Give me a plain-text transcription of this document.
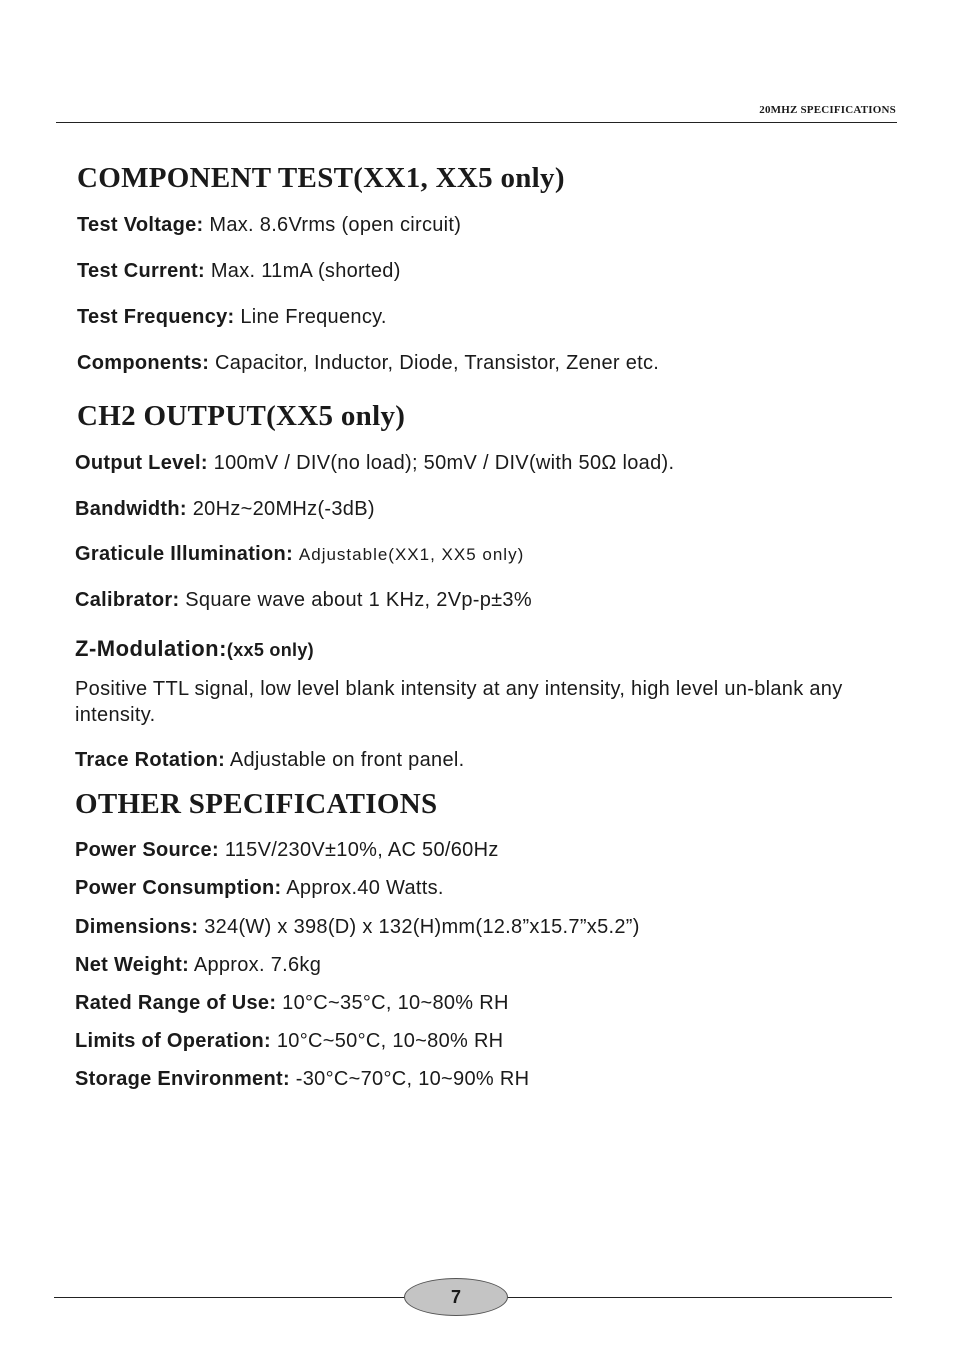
20MHZ SPECIFICATIONS
COMPONENT TEST(XX1, XX5 only)
Test Voltage: Max. 8.6Vrms (open circuit)
Test Current: Max. 11mA (shorted)
Test Frequency: Line Frequency.
Components: Capacitor, Inductor, Diode, Transistor, Zener etc.
CH2 OUTPUT(XX5 only)
Output Level: 100mV / DIV(no load); 50mV / DIV(with 50Ω load).
Bandwidth: 20Hz~20MHz(-3dB)
Graticule Illumination: Adjustable(XX1, XX5 only)
Calibrator: Square wave about 1 KHz, 2Vp-p±3%
Z-Modulation:(xx5 only)
Positive TTL signal, low level blank intensity at any intensity, high level un-blank any intensity.
Trace Rotation: Adjustable on front panel.
OTHER SPECIFICATIONS
Power Source: 115V/230V±10%, AC 50/60Hz
Power Consumption: Approx.40 Watts.
Dimensions: 324(W) x 398(D) x 132(H)mm(12.8”x15.7”x5.2”)
Net Weight: Approx. 7.6kg
Rated Range of Use: 10°C~35°C, 10~80% RH
Limits of Operation: 10°C~50°C, 10~80% RH
Storage Environment: -30°C~70°C, 10~90% RH
7
